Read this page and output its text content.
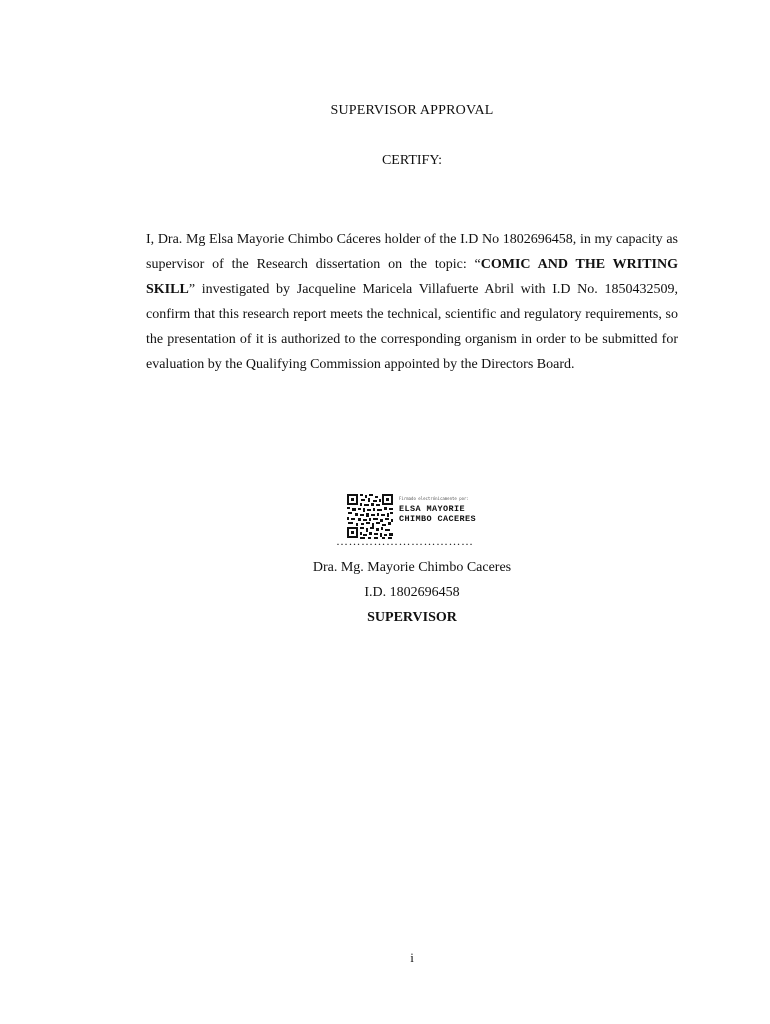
SUPERVISOR APPROVAL
CERTIFY:

I, Dra. Mg Elsa Mayorie Chimbo Cáceres holder of the I.D No 1802696458, in my capacity as supervisor of the Research dissertation on the topic: “COMIC AND THE WRITING SKILL” investigated by Jacqueline Maricela Villafuerte Abril with I.D No. 1850432509, confirm that this research report meets the technical, scientific and regulatory requirements, so the presentation of it is authorized to the corresponding organism in order to be submitted for evaluation by the Qualifying Commission appointed by the Directors Board.

Firmado electrónicamente por:
ELSA MAYORIE
CHIMBO CACERES
……………………………
Dra. Mg. Mayorie Chimbo Caceres
I.D. 1802696458
SUPERVISOR
i
